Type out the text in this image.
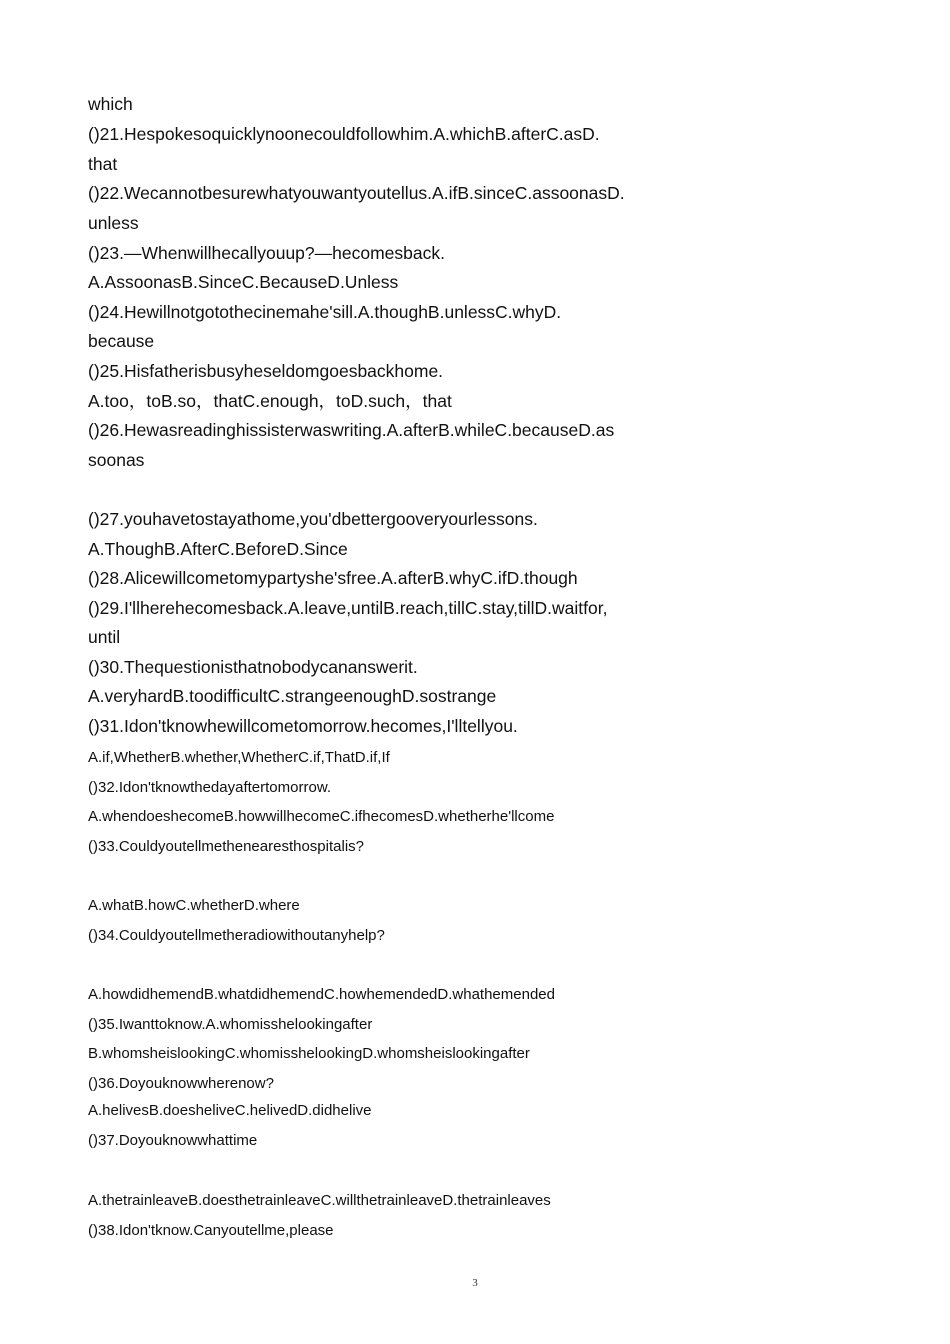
which
()21.Hespokesoquicklynoonecouldfollowhim.A.whichB.afterC.asD.
that
()22.Wecannotbesurewhatyouwantyoutellus.A.ifB.sinceC.assoonasD.
unless
()23.—Whenwillhecallyouup?—hecomesback.
A.AssoonasB.SinceC.BecauseD.Unless
()24.Hewillnotgotothecinemahe'sill.A.thoughB.unlessC.whyD.
because
()25.Hisfatherisbusyheseldomgoesbackhome.
A.too，toB.so，thatC.enough，toD.such，that
()26.Hewasreadinghissisterwaswriting.A.afterB.whileC.becauseD.as
soonas
()27.youhavetostayathome,you'dbettergooveryourlessons.
A.ThoughB.AfterC.BeforeD.Since
()28.Alicewillcometomypartyshe'sfree.A.afterB.whyC.ifD.though
()29.I'llherehecomesback.A.leave,untilB.reach,tillC.stay,tillD.waitfor,
until
()30.Thequestionisthatnobodycananswerit.
A.veryhardB.toodifficultC.strangeenoughD.sostrange
()31.Idon'tknowhewillcometomorrow.hecomes,I'lltellyou.
A.if,WhetherB.whether,WhetherC.if,ThatD.if,If
()32.Idon'tknowthedayaftertomorrow.
A.whendoeshecomeB.howwillhecomeC.ifhecomesD.whetherhe'llcome
()33.Couldyoutellmethenearesthospitalis?
A.whatB.howC.whetherD.where
()34.Couldyoutellmetheradiowithoutanyhelp?
A.howdidhemendB.whatdidhemendC.howhemendedD.whathemended
()35.Iwanttoknow.A.whomisshelookingafter
B.whomsheislookingC.whomisshelookingD.whomsheislookingafter
()36.Doyouknowwherenow?
A.helivesB.doesheliveC.helivedD.didhelive
()37.Doyouknowwhattime
A.thetrainleaveB.doesthetrainleaveC.willthetrainleaveD.thetrainleaves
()38.Idon'tknow.Canyoutellme,please
3
